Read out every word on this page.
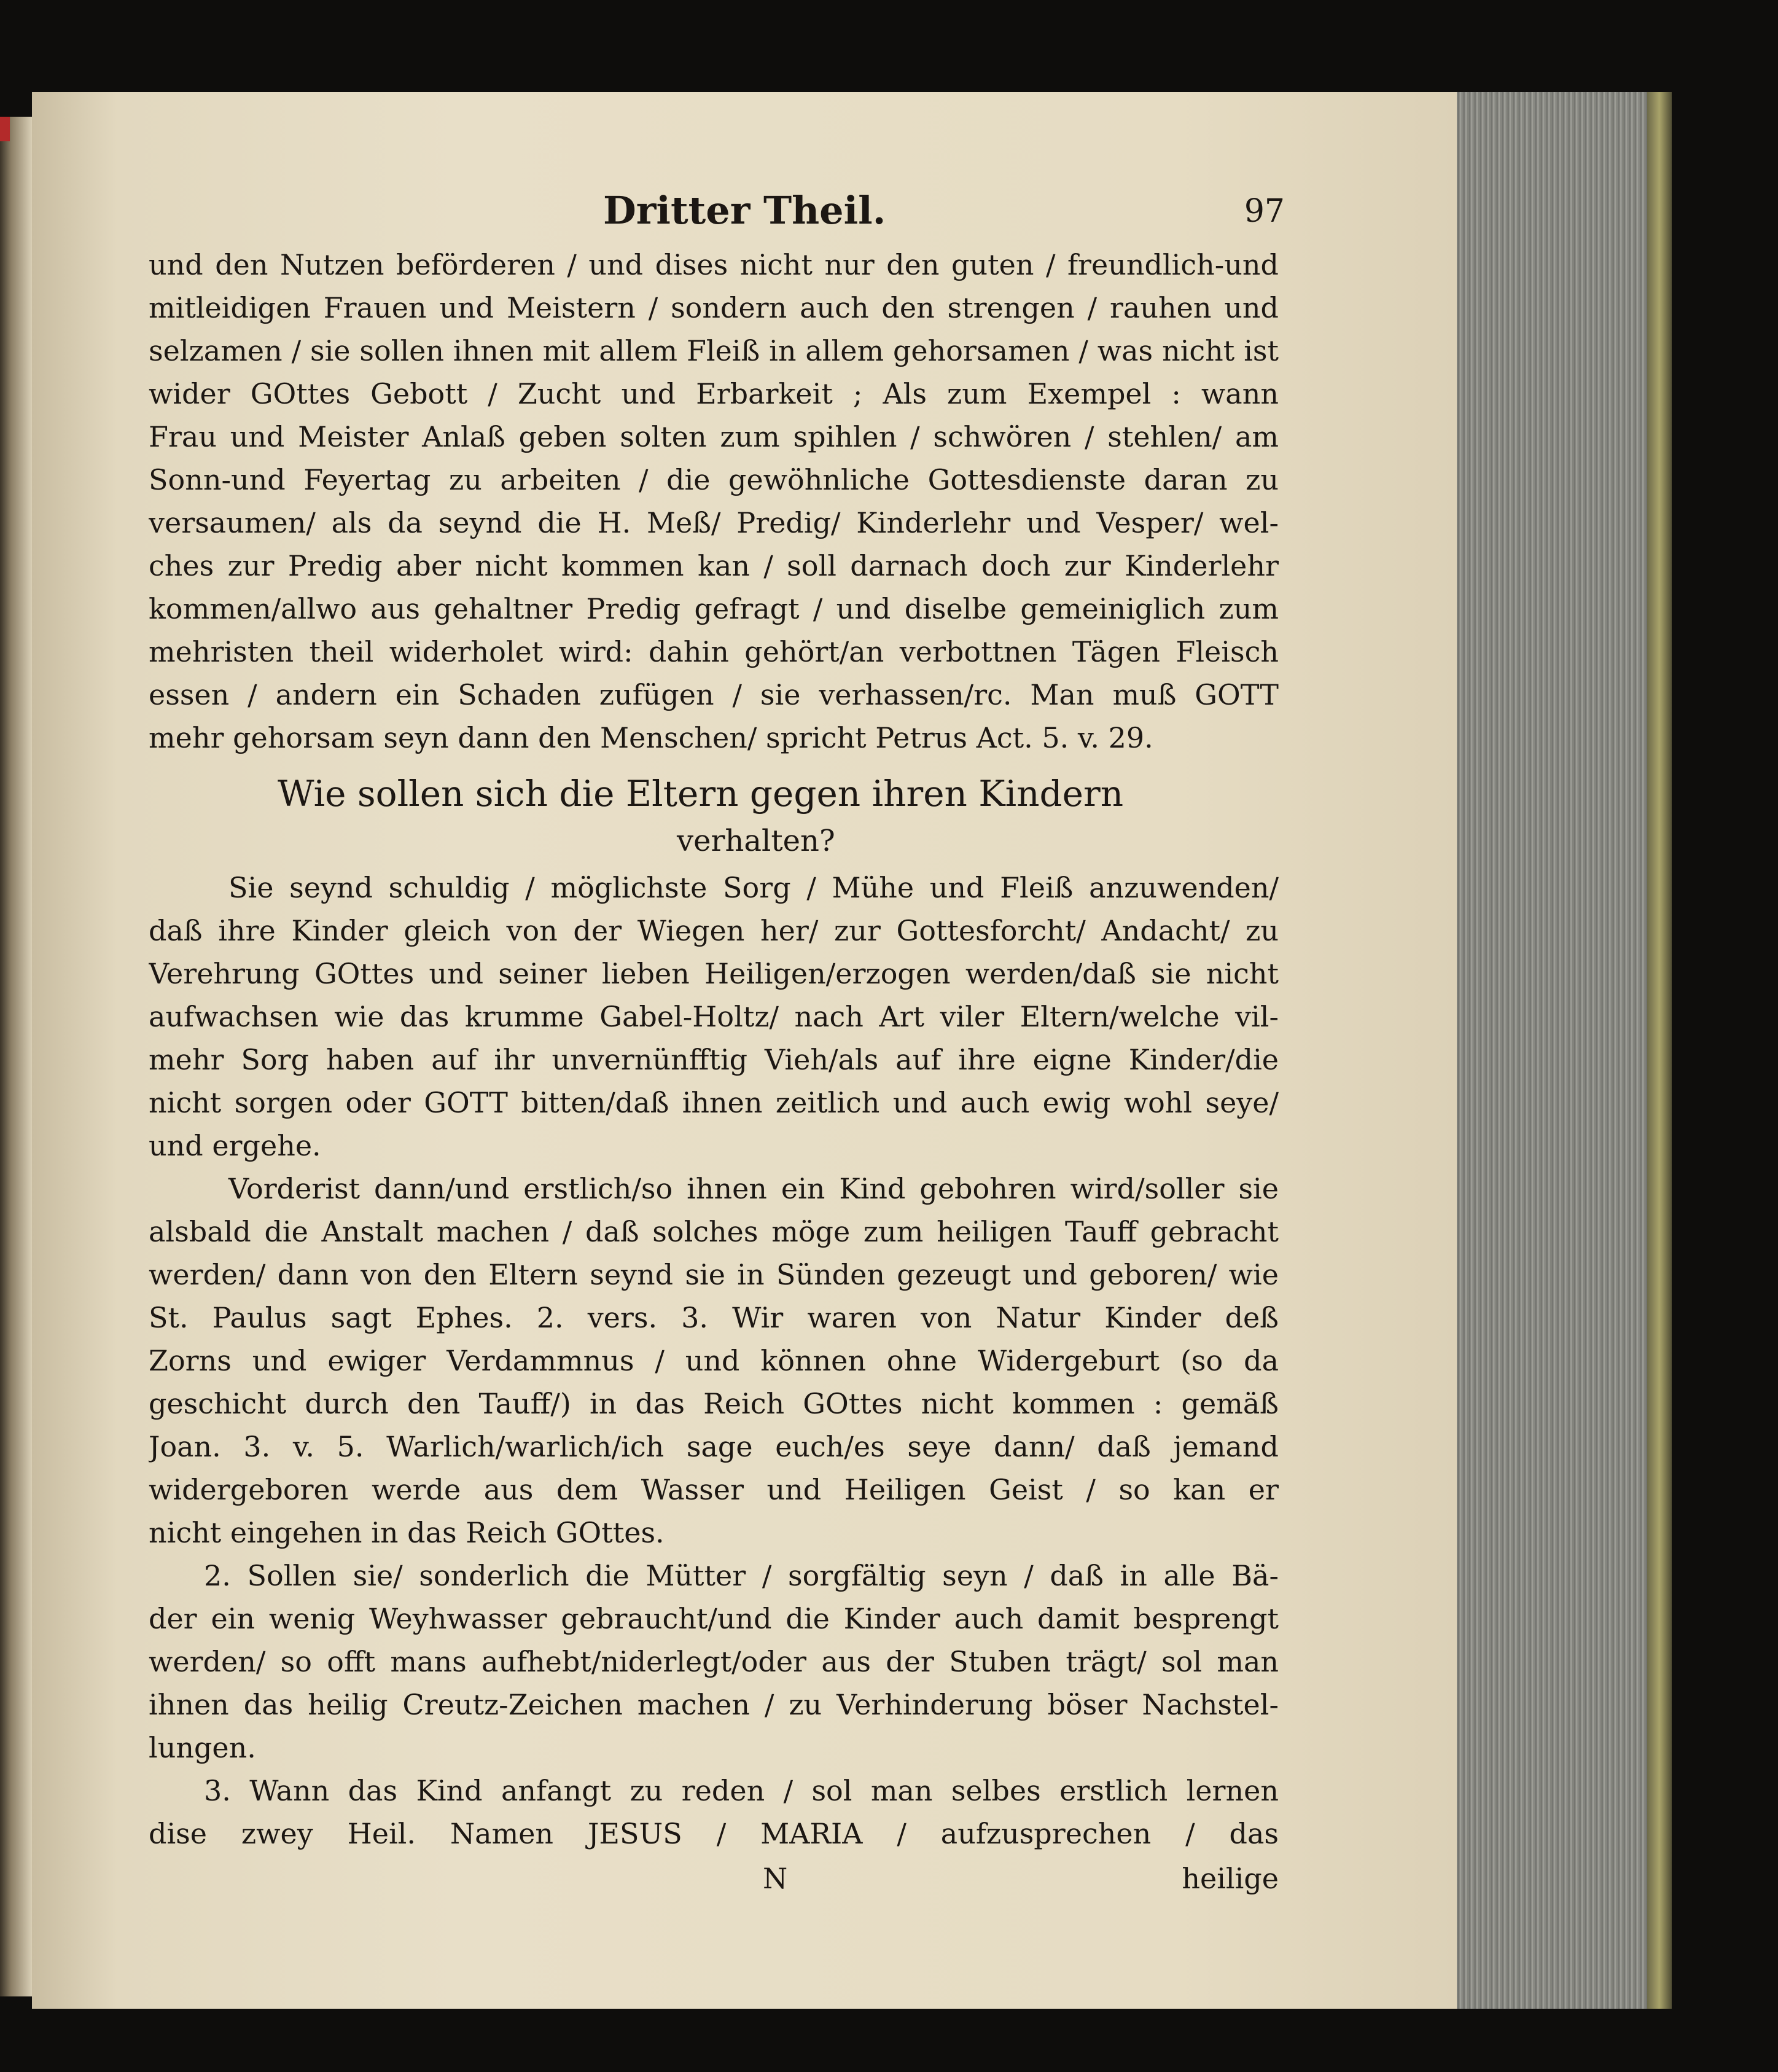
Dritter Theil.	97
und den Nutzen beförderen / und dises nicht nur den guten / freundlich-und
mitleidigen Frauen und Meistern / sondern auch den strengen / rauhen und
selzamen / sie sollen ihnen mit allem Fleiß in allem gehorsamen / was nicht ist
wider GOttes Gebott / Zucht und Erbarkeit ; Als zum Exempel : wann
Frau und Meister Anlaß geben solten zum spihlen / schwören / stehlen/ am
Sonn-und Feyertag zu arbeiten / die gewöhnliche Gottesdienste daran zu
versaumen/ als da seynd die H. Meß/ Predig/ Kinderlehr und Vesper/ wel-
ches zur Predig aber nicht kommen kan / soll darnach doch zur Kinderlehr
kommen/allwo aus gehaltner Predig gefragt / und diselbe gemeiniglich zum
mehristen theil widerholet wird: dahin gehört/an verbottnen Tägen Fleisch
essen / andern ein Schaden zufügen / sie verhassen/rc. Man muß GOTT
mehr gehorsam seyn dann den Menschen/ spricht Petrus Act. 5. v. 29.
Wie sollen sich die Eltern gegen ihren Kindern
verhalten?
Sie seynd schuldig / möglichste Sorg / Mühe und Fleiß anzuwenden/
daß ihre Kinder gleich von der Wiegen her/ zur Gottesforcht/ Andacht/ zu
Verehrung GOttes und seiner lieben Heiligen/erzogen werden/daß sie nicht
aufwachsen wie das krumme Gabel-Holtz/ nach Art viler Eltern/welche vil-
mehr Sorg haben auf ihr unvernünfftig Vieh/als auf ihre eigne Kinder/die
nicht sorgen oder GOTT bitten/daß ihnen zeitlich und auch ewig wohl seye/
und ergehe.
Vorderist dann/und erstlich/so ihnen ein Kind gebohren wird/soller sie
alsbald die Anstalt machen / daß solches möge zum heiligen Tauff gebracht
werden/ dann von den Eltern seynd sie in Sünden gezeugt und geboren/ wie
St. Paulus sagt Ephes. 2. vers. 3. Wir waren von Natur Kinder deß
Zorns und ewiger Verdammnus / und können ohne Widergeburt (so da
geschicht durch den Tauff/) in das Reich GOttes nicht kommen : gemäß
Joan. 3. v. 5. Warlich/warlich/ich sage euch/es seye dann/ daß jemand
widergeboren werde aus dem Wasser und Heiligen Geist / so kan er
nicht eingehen in das Reich GOttes.
2. Sollen sie/ sonderlich die Mütter / sorgfältig seyn / daß in alle Bä-
der ein wenig Weyhwasser gebraucht/und die Kinder auch damit besprengt
werden/ so offt mans aufhebt/niderlegt/oder aus der Stuben trägt/ sol man
ihnen das heilig Creutz-Zeichen machen / zu Verhinderung böser Nachstel-
lungen.
3. Wann das Kind anfangt zu reden / sol man selbes erstlich lernen
dise zwey Heil. Namen JESUS / MARIA / aufzusprechen / das
N	heilige
